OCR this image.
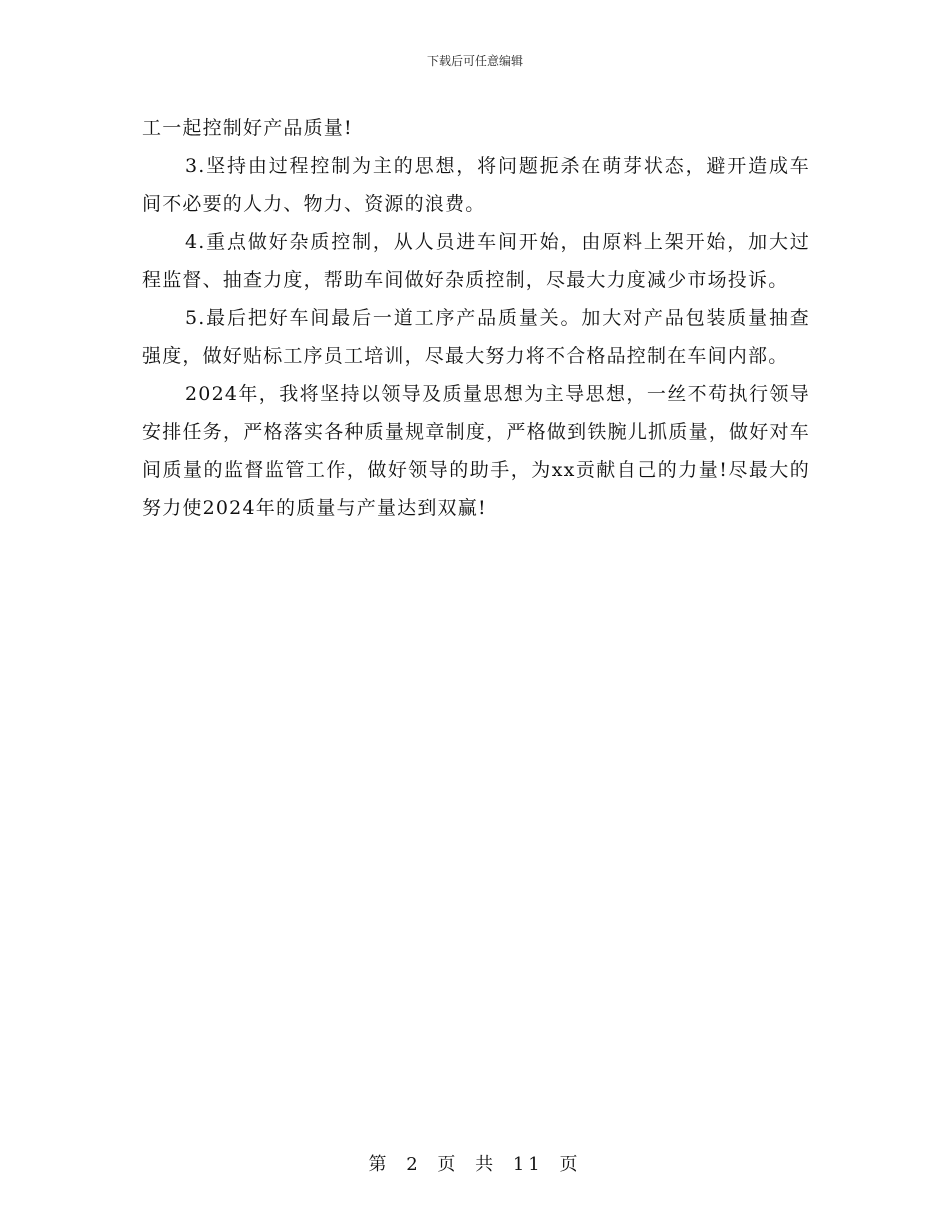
下载后可任意编辑

工一起控制好产品质量!

3.坚持由过程控制为主的思想，将问题扼杀在萌芽状态，避开造成车间不必要的人力、物力、资源的浪费。

4.重点做好杂质控制，从人员进车间开始，由原料上架开始，加大过程监督、抽查力度，帮助车间做好杂质控制，尽最大力度减少市场投诉。

5.最后把好车间最后一道工序产品质量关。加大对产品包装质量抽查强度，做好贴标工序员工培训，尽最大努力将不合格品控制在车间内部。

2024年，我将坚持以领导及质量思想为主导思想，一丝不苟执行领导安排任务，严格落实各种质量规章制度，严格做到铁腕儿抓质量，做好对车间质量的监督监管工作，做好领导的助手，为xx贡献自己的力量!尽最大的努力使2024年的质量与产量达到双赢!

第 2 页 共 11 页
